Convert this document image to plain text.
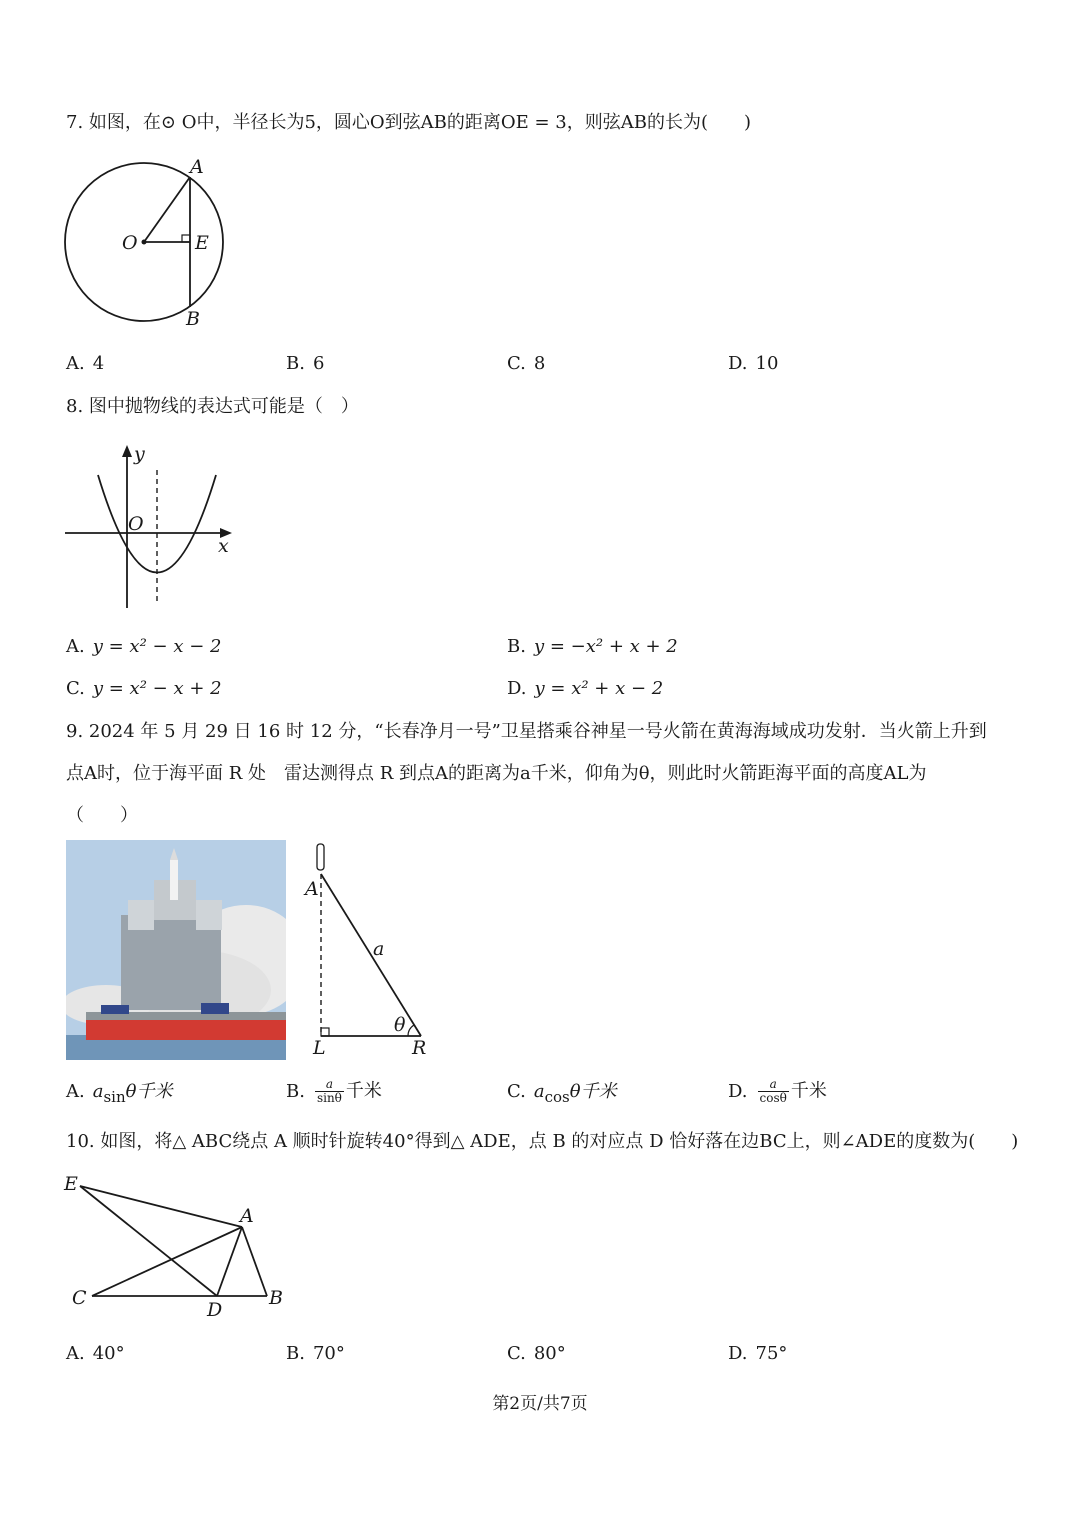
7. 如图，在⊙ O中，半径长为5，圆心O到弦AB的距离OE = 3，则弦AB的长为(　　)
A
O	E
B
A. 4	B. 6	C. 8	D. 10
8. 图中抛物线的表达式可能是（　）
y
O
x
A. y = x² − x − 2	B. y = −x² + x + 2
C. y = x² − x + 2	D. y = x² + x − 2
9. 2024 年 5 月 29 日 16 时 12 分，“长春净月一号”卫星搭乘谷神星一号火箭在黄海海域成功发射．当火箭上升到
点A时，位于海平面 R 处　雷达测得点 R 到点A的距离为a千米，仰角为θ，则此时火箭距海平面的高度AL为
（　　）
A
a
θ
L	R
A. $a_{sin}\theta$千米	B. $\frac{a}{\sin\theta}$ 千米	C. $a_{cos}\theta$千米	D. $\frac{a}{\cos\theta}$ 千米
10. 如图，将△ ABC绕点 A 顺时针旋转40°得到△ ADE，点 B 的对应点 D 恰好落在边BC上，则∠ADE的度数为(　　)
E
A
C
D
B
A. 40°	B. 70°	C. 80°	D. 75°
第2页/共7页
